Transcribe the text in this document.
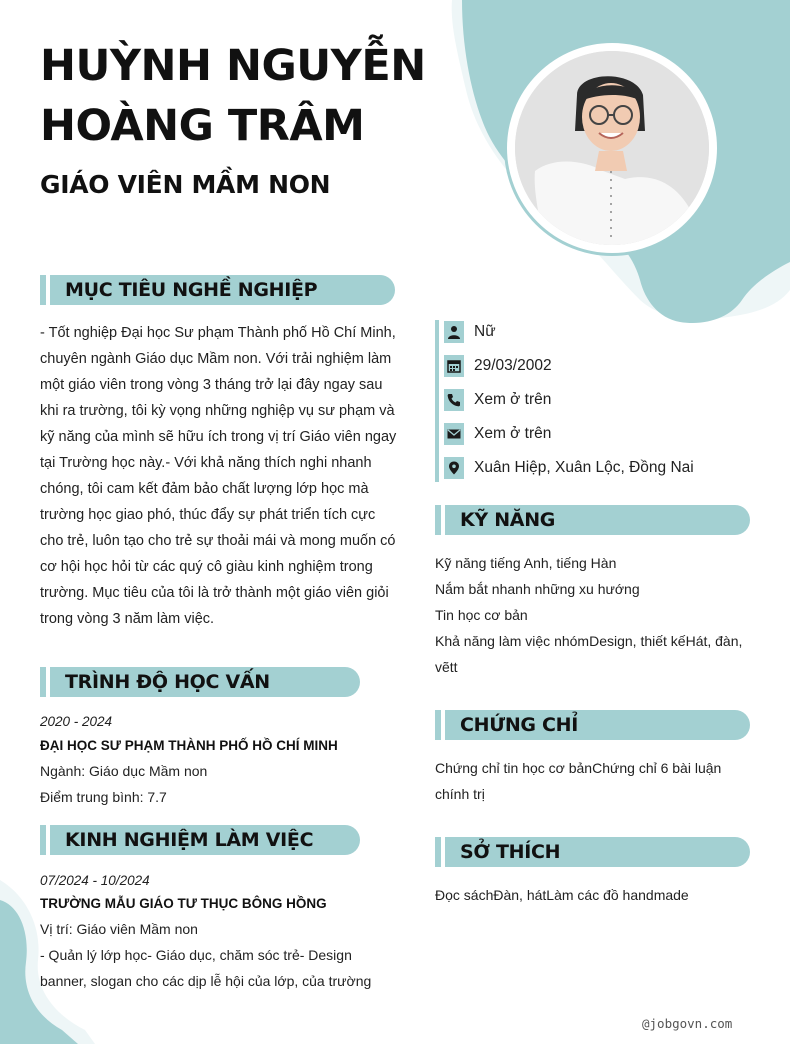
HUỲNH NGUYỄN
HOÀNG TRÂM
GIÁO VIÊN MẦM NON
MỤC TIÊU NGHỀ NGHIỆP
- Tốt nghiệp Đại học Sư phạm Thành phố Hồ Chí Minh, chuyên ngành Giáo dục Mầm non. Với trải nghiệm làm một giáo viên trong vòng 3 tháng trở lại đây ngay sau khi ra trường, tôi kỳ vọng những nghiệp vụ sư phạm và kỹ năng của mình sẽ hữu ích trong vị trí Giáo viên ngay tại Trường học này.- Với khả năng thích nghi nhanh chóng, tôi cam kết đảm bảo chất lượng lớp học mà trường học giao phó, thúc đẩy sự phát triển tích cực cho trẻ, luôn tạo cho trẻ sự thoải mái và mong muốn có cơ hội học hỏi từ các quý cô giàu kinh nghiệm trong trường. Mục tiêu của tôi là trở thành một giáo viên giỏi trong vòng 3 năm làm việc.
TRÌNH ĐỘ HỌC VẤN
2020 - 2024
ĐẠI HỌC SƯ PHẠM THÀNH PHỐ HỒ CHÍ MINH
Ngành: Giáo dục Mầm non
Điểm trung bình: 7.7
KINH NGHIỆM LÀM VIỆC
07/2024 - 10/2024
TRƯỜNG MẪU GIÁO TƯ THỤC BÔNG HỒNG
Vị trí: Giáo viên Mầm non
- Quản lý lớp học- Giáo dục, chăm sóc trẻ- Design banner, slogan cho các dịp lễ hội của lớp, của trường
Nữ
29/03/2002
Xem ở trên
Xem ở trên
Xuân Hiệp, Xuân Lộc, Đồng Nai
KỸ NĂNG
Kỹ năng tiếng Anh, tiếng Hàn
Nắm bắt nhanh những xu hướng
Tin học cơ bản
Khả năng làm việc nhómDesign, thiết kếHát, đàn, vẽtt
CHỨNG CHỈ
Chứng chỉ tin học cơ bảnChứng chỉ 6 bài luận chính trị
SỞ THÍCH
Đọc sáchĐàn, hátLàm các đồ handmade
@jobgovn.com
